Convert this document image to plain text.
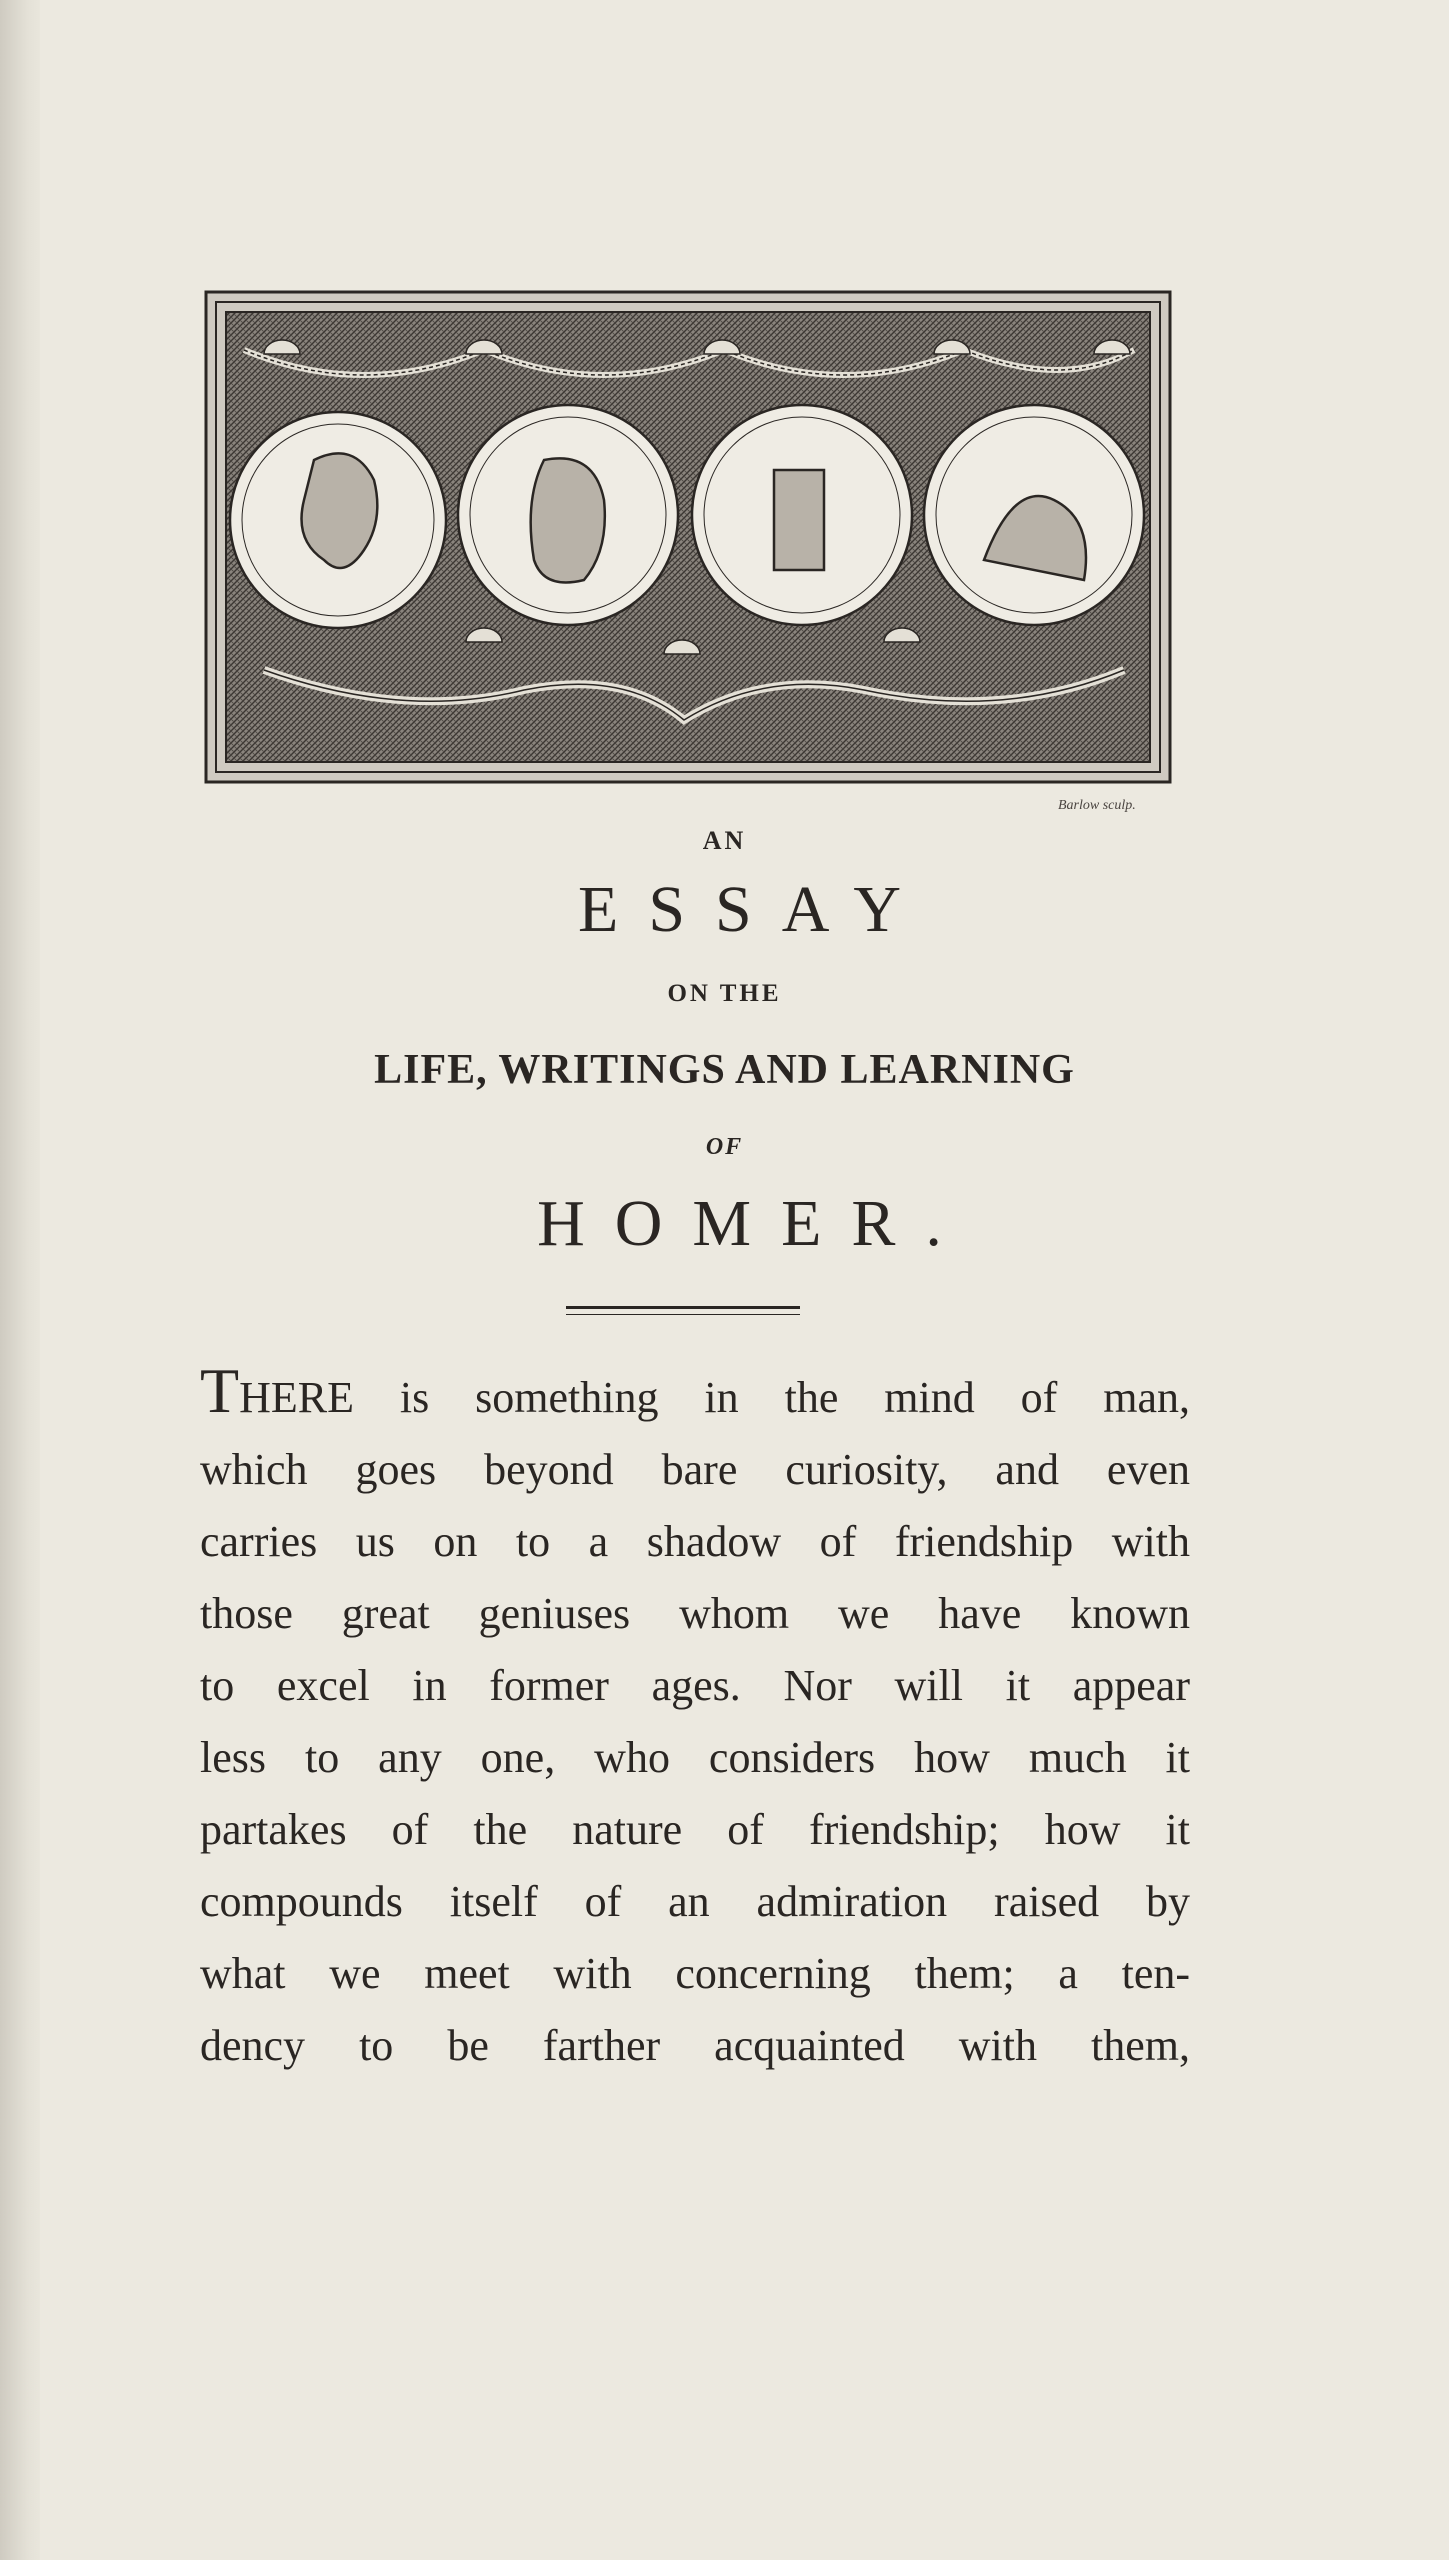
Barlow sculp.
AN
ESSAY
ON THE
LIFE, WRITINGS AND LEARNING
OF
HOMER.
THERE is something in the mind of man,
which goes beyond bare curiosity, and even
carries us on to a shadow of friendship with
those great geniuses whom we have known
to excel in former ages. Nor will it appear
less to any one, who considers how much it
partakes of the nature of friendship; how it
compounds itself of an admiration raised by
what we meet with concerning them; a ten-
dency to be farther acquainted with them,
